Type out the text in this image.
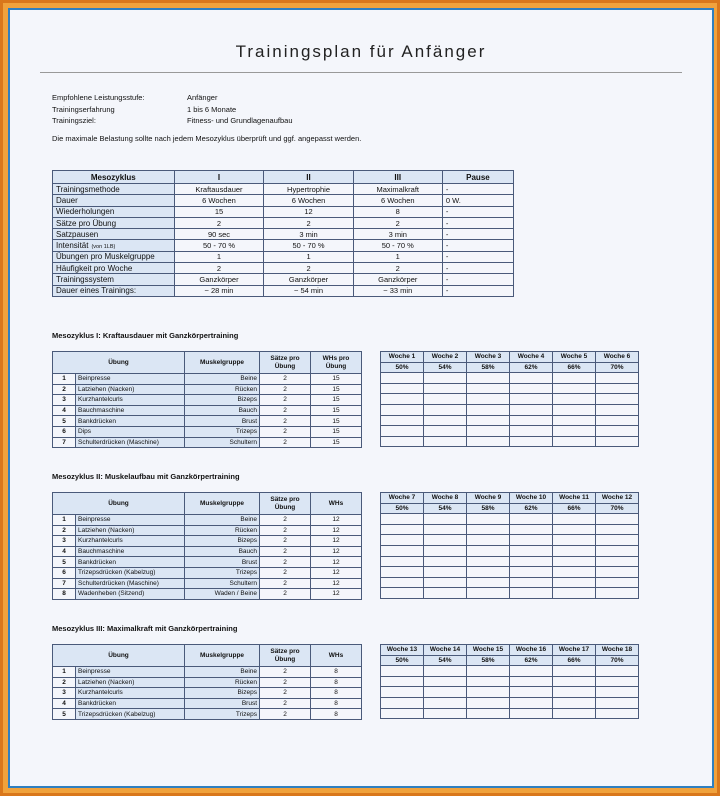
Trainingsplan für Anfänger
Empfohlene Leistungsstufe:	Anfänger
Trainingserfahrung	1 bis 6 Monate
Trainingsziel:	Fitness- und Grundlagenaufbau
Die maximale Belastung sollte nach jedem Mesozyklus überprüft und ggf. angepasst werden.
Mesozyklus	I	II	III	Pause
Trainingsmethode	Kraftausdauer	Hypertrophie	Maximalkraft	-
Dauer	6 Wochen	6 Wochen	6 Wochen	0 W.
Wiederholungen	15	12	8	-
Sätze pro Übung	2	2	2	-
Satzpausen	90 sec	3 min	3 min	-
Intensität (von 1LB)	50 - 70 %	50 - 70 %	50 - 70 %	-
Übungen pro Muskelgruppe	1	1	1	-
Häufigkeit pro Woche	2	2	2	-
Trainingssystem	Ganzkörper	Ganzkörper	Ganzkörper	-
Dauer eines Trainings:	~ 28 min	~ 54 min	~ 33 min	-
Mesozyklus I: Kraftausdauer mit Ganzkörpertraining
Übung		Muskelgruppe	Sätze pro Übung	WHs pro Übung
1	Beinpresse	Beine	2	15
2	Latziehen (Nacken)	Rücken	2	15
3	Kurzhantelcurls	Bizeps	2	15
4	Bauchmaschine	Bauch	2	15
5	Bankdrücken	Brust	2	15
6	Dips	Trizeps	2	15
7	Schulterdrücken (Maschine)	Schultern	2	15
Woche 1	Woche 2	Woche 3	Woche 4	Woche 5	Woche 6
50%	54%	58%	62%	66%	70%

Mesozyklus II: Muskelaufbau mit Ganzkörpertraining
Übung		Muskelgruppe	Sätze pro Übung	WHs
1	Beinpresse	Beine	2	12
2	Latziehen (Nacken)	Rücken	2	12
3	Kurzhantelcurls	Bizeps	2	12
4	Bauchmaschine	Bauch	2	12
5	Bankdrücken	Brust	2	12
6	Trizepsdrücken (Kabelzug)	Trizeps	2	12
7	Schulterdrücken (Maschine)	Schultern	2	12
8	Wadenheben (Sitzend)	Waden / Beine	2	12
Woche 7	Woche 8	Woche 9	Woche 10	Woche 11	Woche 12
50%	54%	58%	62%	66%	70%

Mesozyklus III: Maximalkraft mit Ganzkörpertraining
Übung		Muskelgruppe	Sätze pro Übung	WHs
1	Beinpresse	Beine	2	8
2	Latziehen (Nacken)	Rücken	2	8
3	Kurzhantelcurls	Bizeps	2	8
4	Bankdrücken	Brust	2	8
5	Trizepsdrücken (Kabelzug)	Trizeps	2	8
Woche 13	Woche 14	Woche 15	Woche 16	Woche 17	Woche 18
50%	54%	58%	62%	66%	70%
